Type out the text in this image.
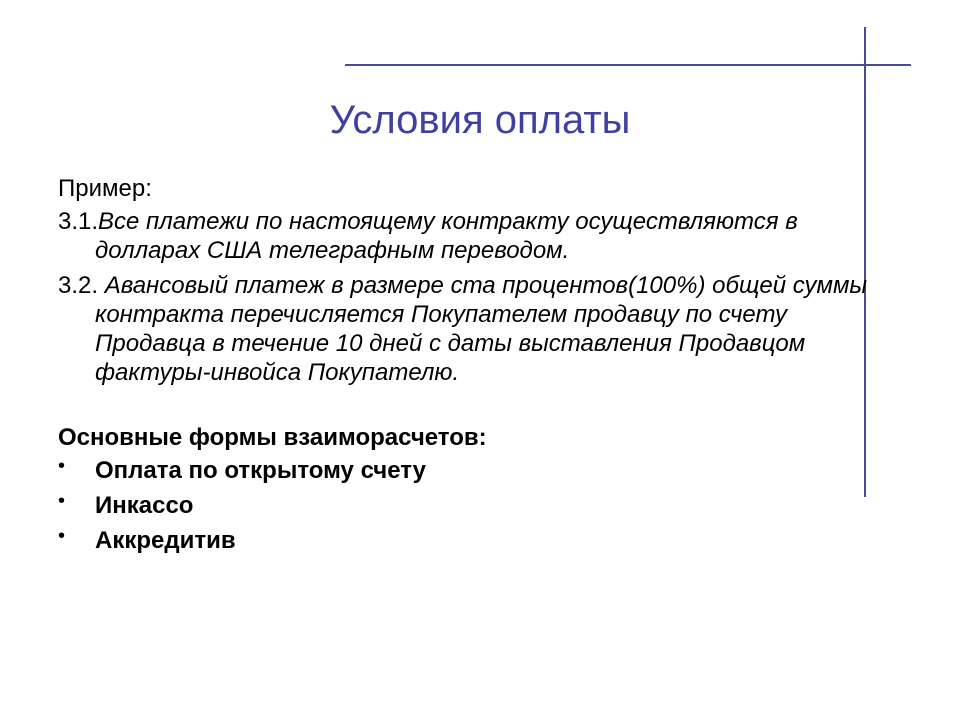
Условия оплаты

Пример:

3.1.Все платежи по настоящему контракту осуществляются в долларах США телеграфным переводом.

3.2. Авансовый платеж в размере ста процентов(100%) общей суммы контракта перечисляется Покупателем продавцу по счету Продавца в течение 10 дней с даты выставления Продавцом фактуры-инвойса Покупателю.

Основные формы взаиморасчетов:

• Оплата по открытому счету
• Инкассо
• Аккредитив
